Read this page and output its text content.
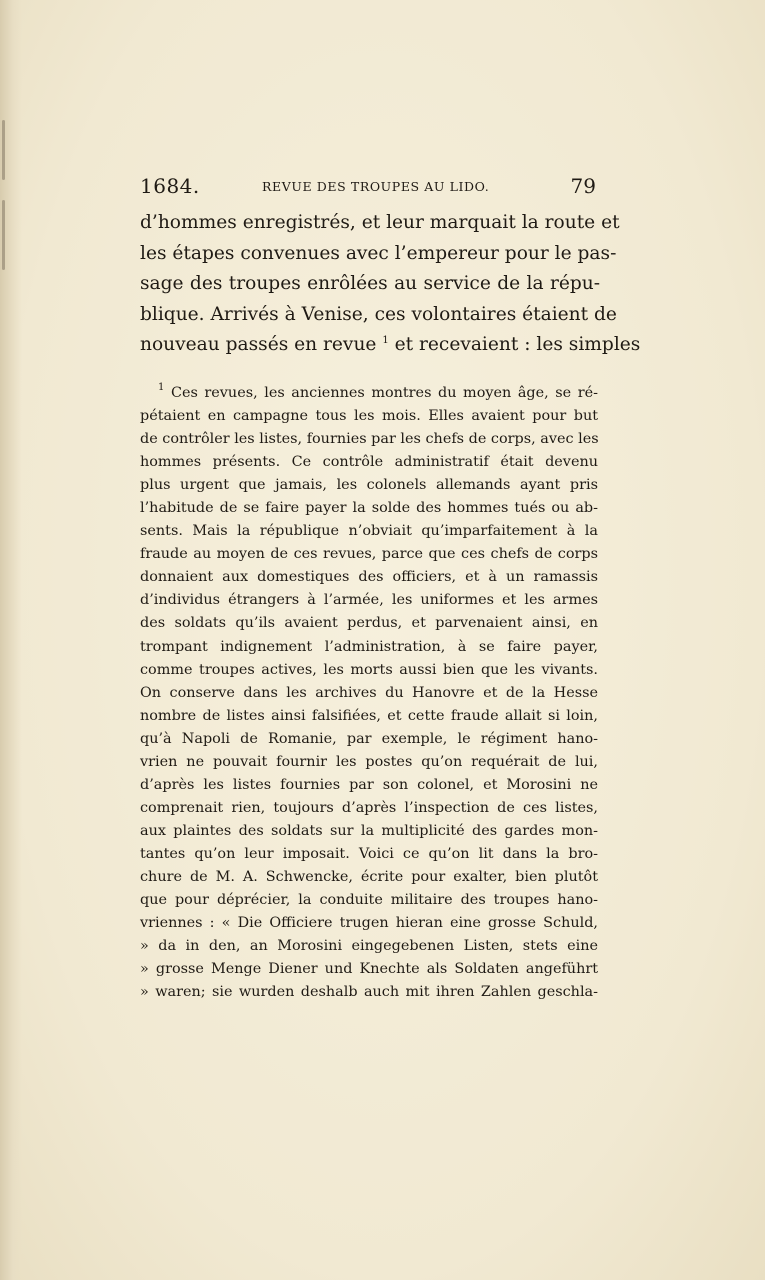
1684.	REVUE DES TROUPES AU LIDO.	79
d’hommes enregistrés, et leur marquait la route et
les étapes convenues avec l’empereur pour le pas-
sage des troupes enrôlées au service de la répu-
blique. Arrivés à Venise, ces volontaires étaient de
nouveau passés en revue $^1$ et recevaient : les simples
$^1$ Ces revues, les anciennes montres du moyen âge, se ré-
pétaient en campagne tous les mois. Elles avaient pour but
de contrôler les listes, fournies par les chefs de corps, avec les
hommes présents. Ce contrôle administratif était devenu
plus urgent que jamais, les colonels allemands ayant pris
l’habitude de se faire payer la solde des hommes tués ou ab-
sents. Mais la république n’obviait qu’imparfaitement à la
fraude au moyen de ces revues, parce que ces chefs de corps
donnaient aux domestiques des officiers, et à un ramassis
d’individus étrangers à l’armée, les uniformes et les armes
des soldats qu’ils avaient perdus, et parvenaient ainsi, en
trompant indignement l’administration, à se faire payer,
comme troupes actives, les morts aussi bien que les vivants.
On conserve dans les archives du Hanovre et de la Hesse
nombre de listes ainsi falsifiées, et cette fraude allait si loin,
qu’à Napoli de Romanie, par exemple, le régiment hano-
vrien ne pouvait fournir les postes qu’on requérait de lui,
d’après les listes fournies par son colonel, et Morosini ne
comprenait rien, toujours d’après l’inspection de ces listes,
aux plaintes des soldats sur la multiplicité des gardes mon-
tantes qu’on leur imposait. Voici ce qu’on lit dans la bro-
chure de M. A. Schwencke, écrite pour exalter, bien plutôt
que pour déprécier, la conduite militaire des troupes hano-
vriennes : « Die Officiere trugen hieran eine grosse Schuld,
» da in den, an Morosini eingegebenen Listen, stets eine
» grosse Menge Diener und Knechte als Soldaten angeführt
» waren; sie wurden deshalb auch mit ihren Zahlen geschla-
